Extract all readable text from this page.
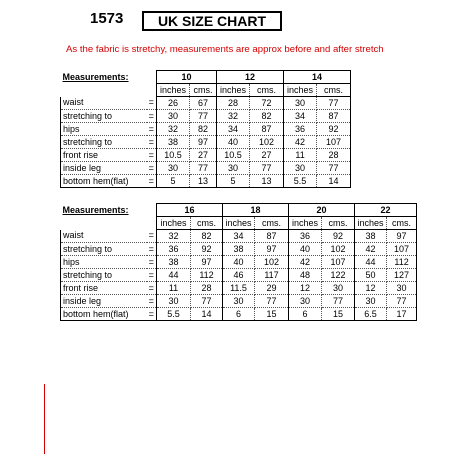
1573	UK SIZE CHART
As the fabric is stretchy, measurements are approx before and after stretch
Measurements:		10		12		14	
		inches	cms.	inches	cms.	inches	cms.
waist	=	26	67	28	72	30	77
stretching to	=	30	77	32	82	34	87
hips	=	32	82	34	87	36	92
stretching to	=	38	97	40	102	42	107
front rise	=	10.5	27	10.5	27	11	28
inside leg	=	30	77	30	77	30	77
bottom hem(flat)	=	5	13	5	13	5.5	14
Measurements:		16		18		20		22	
		inches	cms.	inches	cms.	inches	cms.	inches	cms.
waist	=	32	82	34	87	36	92	38	97
stretching to	=	36	92	38	97	40	102	42	107
hips	=	38	97	40	102	42	107	44	112
stretching to	=	44	112	46	117	48	122	50	127
front rise	=	11	28	11.5	29	12	30	12	30
inside leg	=	30	77	30	77	30	77	30	77
bottom hem(flat)	=	5.5	14	6	15	6	15	6.5	17
